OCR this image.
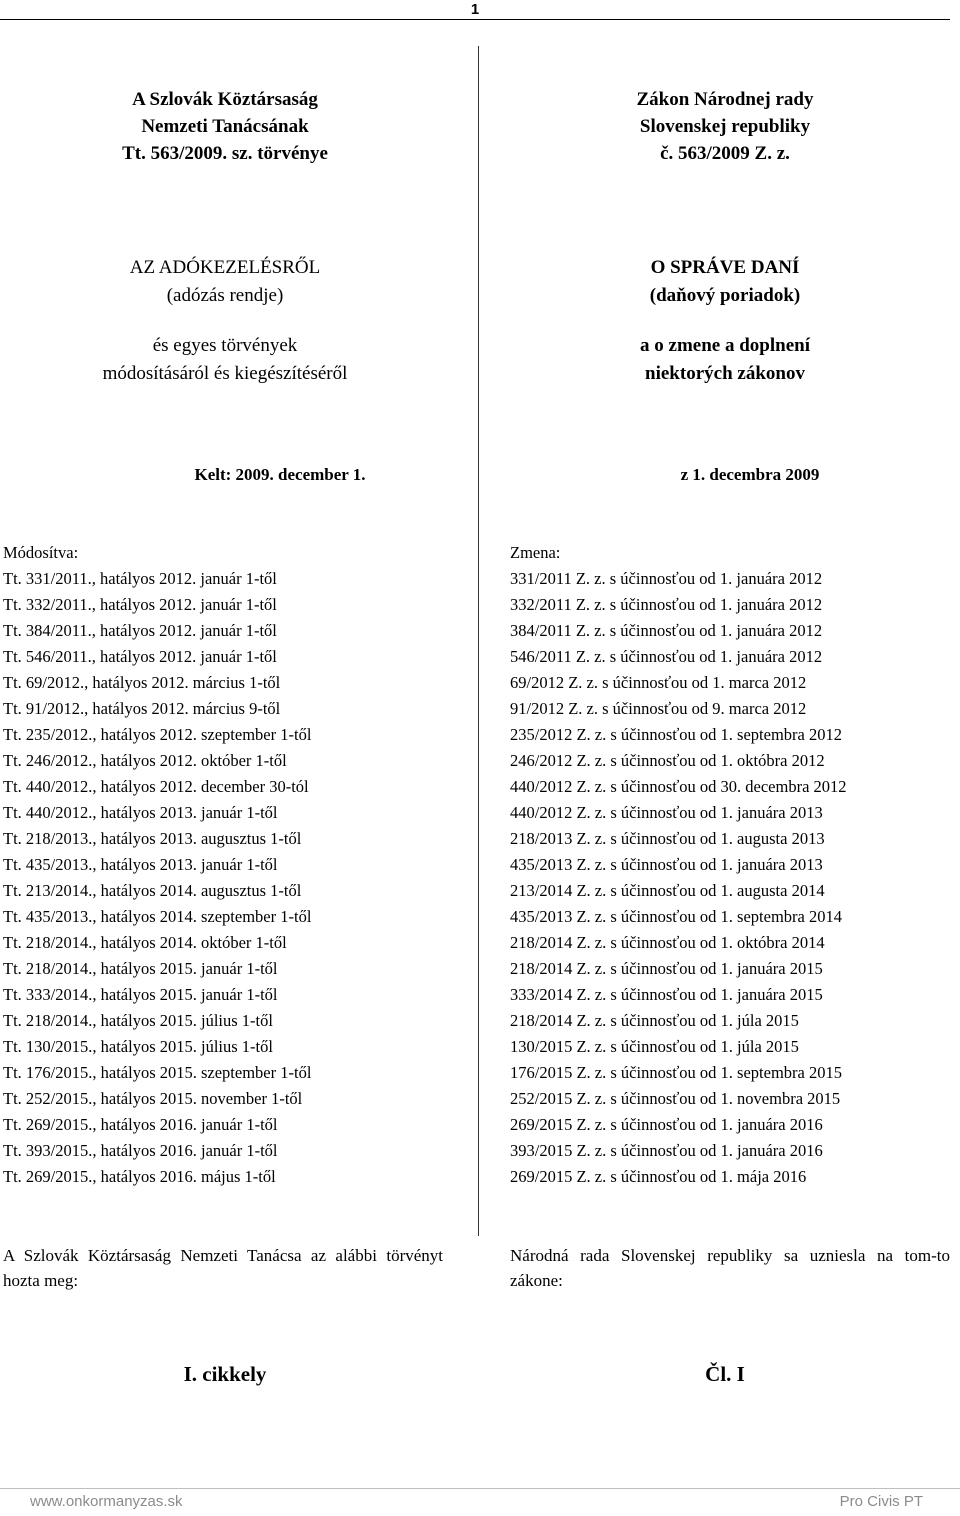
1
A Szlovák Köztársaság
Nemzeti Tanácsának
Tt. 563/2009. sz. törvénye
Zákon Národnej rady
Slovenskej republiky
č. 563/2009 Z. z.
AZ ADÓKEZELÉSRŐL
(adózás rendje)
és egyes törvények
módosításáról és kiegészítéséről
O SPRÁVE DANÍ
(daňový poriadok)
a o zmene a doplnení
niektorých zákonov
Kelt: 2009. december 1.	z 1. decembra 2009
Módosítva:
Tt. 331/2011., hatályos 2012. január 1-től
Tt. 332/2011., hatályos 2012. január 1-től
Tt. 384/2011., hatályos 2012. január 1-től
Tt. 546/2011., hatályos 2012. január 1-től
Tt. 69/2012., hatályos 2012. március 1-től
Tt. 91/2012., hatályos 2012. március 9-től
Tt. 235/2012., hatályos 2012. szeptember 1-től
Tt. 246/2012., hatályos 2012. október 1-től
Tt. 440/2012., hatályos 2012. december 30-tól
Tt. 440/2012., hatályos 2013. január 1-től
Tt. 218/2013., hatályos 2013. augusztus 1-től
Tt. 435/2013., hatályos 2013. január 1-től
Tt. 213/2014., hatályos 2014. augusztus 1-től
Tt. 435/2013., hatályos 2014. szeptember 1-től
Tt. 218/2014., hatályos 2014. október 1-től
Tt. 218/2014., hatályos 2015. január 1-től
Tt. 333/2014., hatályos 2015. január 1-től
Tt. 218/2014., hatályos 2015. július 1-től
Tt. 130/2015., hatályos 2015. július 1-től
Tt. 176/2015., hatályos 2015. szeptember 1-től
Tt. 252/2015., hatályos 2015. november 1-től
Tt. 269/2015., hatályos 2016. január 1-től
Tt. 393/2015., hatályos 2016. január 1-től
Tt. 269/2015., hatályos 2016. május 1-től
Zmena:
331/2011 Z. z. s účinnosťou od 1. januára 2012
332/2011 Z. z. s účinnosťou od 1. januára 2012
384/2011 Z. z. s účinnosťou od 1. januára 2012
546/2011 Z. z. s účinnosťou od 1. januára 2012
69/2012 Z. z. s účinnosťou od 1. marca 2012
91/2012 Z. z. s účinnosťou od 9. marca 2012
235/2012 Z. z. s účinnosťou od 1. septembra 2012
246/2012 Z. z. s účinnosťou od 1. októbra 2012
440/2012 Z. z. s účinnosťou od 30. decembra 2012
440/2012 Z. z. s účinnosťou od 1. januára 2013
218/2013 Z. z. s účinnosťou od 1. augusta 2013
435/2013 Z. z. s účinnosťou od 1. januára 2013
213/2014 Z. z. s účinnosťou od 1. augusta 2014
435/2013 Z. z. s účinnosťou od 1. septembra 2014
218/2014 Z. z. s účinnosťou od 1. októbra 2014
218/2014 Z. z. s účinnosťou od 1. januára 2015
333/2014 Z. z. s účinnosťou od 1. januára 2015
218/2014 Z. z. s účinnosťou od 1. júla 2015
130/2015 Z. z. s účinnosťou od 1. júla 2015
176/2015 Z. z. s účinnosťou od 1. septembra 2015
252/2015 Z. z. s účinnosťou od 1. novembra 2015
269/2015 Z. z. s účinnosťou od 1. januára 2016
393/2015 Z. z. s účinnosťou od 1. januára 2016
269/2015 Z. z. s účinnosťou od 1. mája 2016
A Szlovák Köztársaság Nemzeti Tanácsa az alábbi törvényt hozta meg:
Národná rada Slovenskej republiky sa uzniesla na tom-to zákone:
I. cikkely	Čl. I
www.onkormanyzas.sk	Pro Civis PT
